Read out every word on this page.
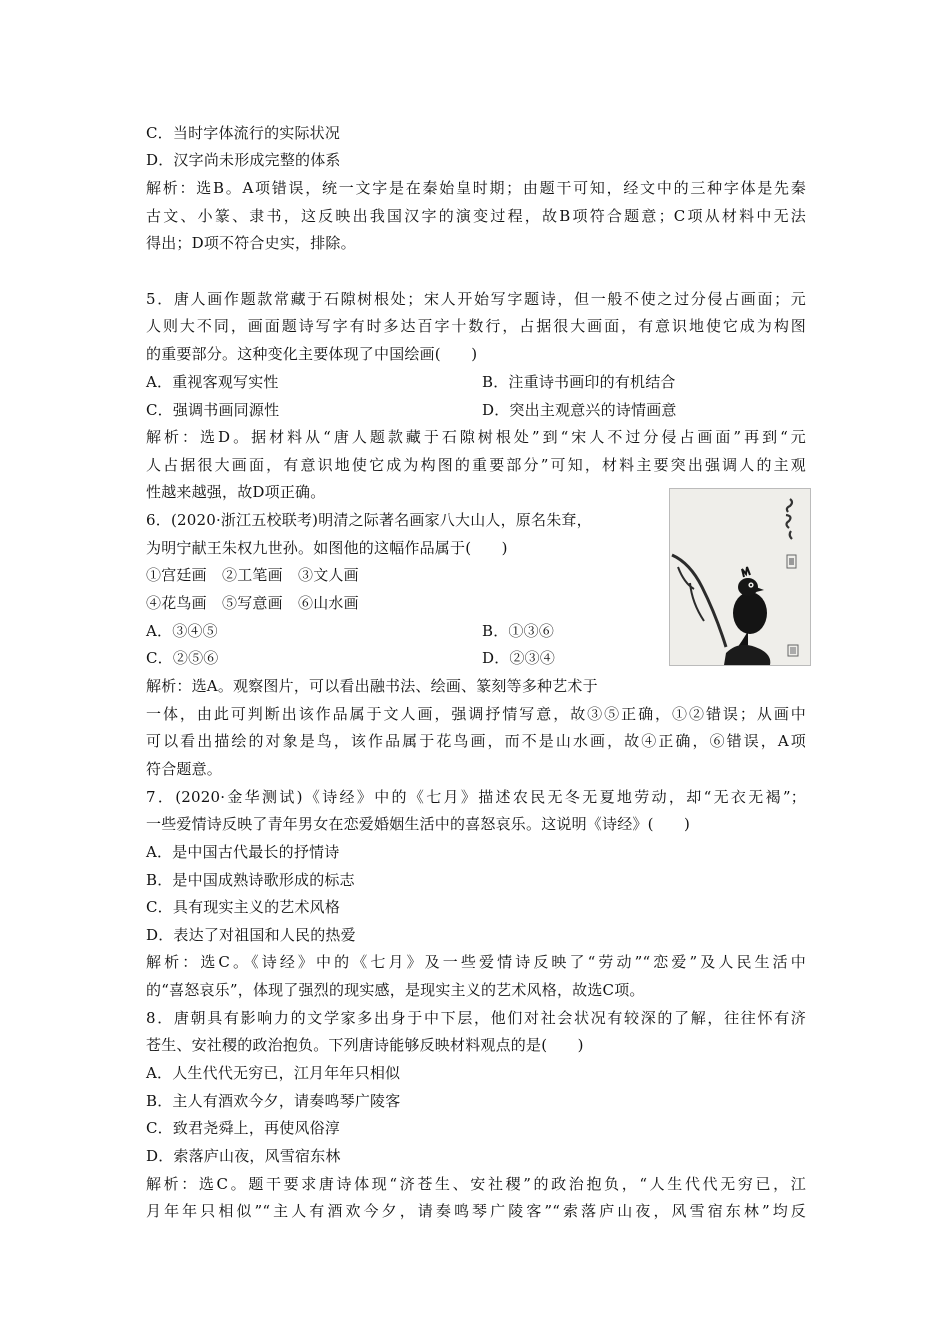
C．当时字体流行的实际状况
D．汉字尚未形成完整的体系
解析：选B。A项错误，统一文字是在秦始皇时期；由题干可知，经文中的三种字体是先秦
古文、小篆、隶书，这反映出我国汉字的演变过程，故B项符合题意；C项从材料中无法
得出；D项不符合史实，排除。
5．唐人画作题款常藏于石隙树根处；宋人开始写字题诗，但一般不使之过分侵占画面；元
人则大不同，画面题诗写字有时多达百字十数行，占据很大画面，有意识地使它成为构图
的重要部分。这种变化主要体现了中国绘画(　　)
A．重视客观写实性	B．注重诗书画印的有机结合
C．强调书画同源性	D．突出主观意兴的诗情画意
解析：选D。据材料从“唐人题款藏于石隙树根处”到“宋人不过分侵占画面”再到“元
人占据很大画面，有意识地使它成为构图的重要部分”可知，材料主要突出强调人的主观
性越来越强，故D项正确。
6．(2020·浙江五校联考)明清之际著名画家八大山人，原名朱耷，
为明宁献王朱权九世孙。如图他的这幅作品属于(　　)
①宫廷画　②工笔画　③文人画
④花鸟画　⑤写意画　⑥山水画
A．③④⑤	B．①③⑥
C．②⑤⑥	D．②③④
解析：选A。观察图片，可以看出融书法、绘画、篆刻等多种艺术于
一体，由此可判断出该作品属于文人画，强调抒情写意，故③⑤正确，①②错误；从画中
可以看出描绘的对象是鸟，该作品属于花鸟画，而不是山水画，故④正确，⑥错误，A项
符合题意。
7．(2020·金华测试)《诗经》中的《七月》描述农民无冬无夏地劳动，却“无衣无褐”；
一些爱情诗反映了青年男女在恋爱婚姻生活中的喜怒哀乐。这说明《诗经》(　　)
A．是中国古代最长的抒情诗
B．是中国成熟诗歌形成的标志
C．具有现实主义的艺术风格
D．表达了对祖国和人民的热爱
解析：选C。《诗经》中的《七月》及一些爱情诗反映了“劳动”“恋爱”及人民生活中
的“喜怒哀乐”，体现了强烈的现实感，是现实主义的艺术风格，故选C项。
8．唐朝具有影响力的文学家多出身于中下层，他们对社会状况有较深的了解，往往怀有济
苍生、安社稷的政治抱负。下列唐诗能够反映材料观点的是(　　)
A．人生代代无穷已，江月年年只相似
B．主人有酒欢今夕，请奏鸣琴广陵客
C．致君尧舜上，再使风俗淳
D．索落庐山夜，风雪宿东林
解析：选C。题干要求唐诗体现“济苍生、安社稷”的政治抱负，“人生代代无穷已，江
月年年只相似”“主人有酒欢今夕，请奏鸣琴广陵客”“索落庐山夜，风雪宿东林”均反
